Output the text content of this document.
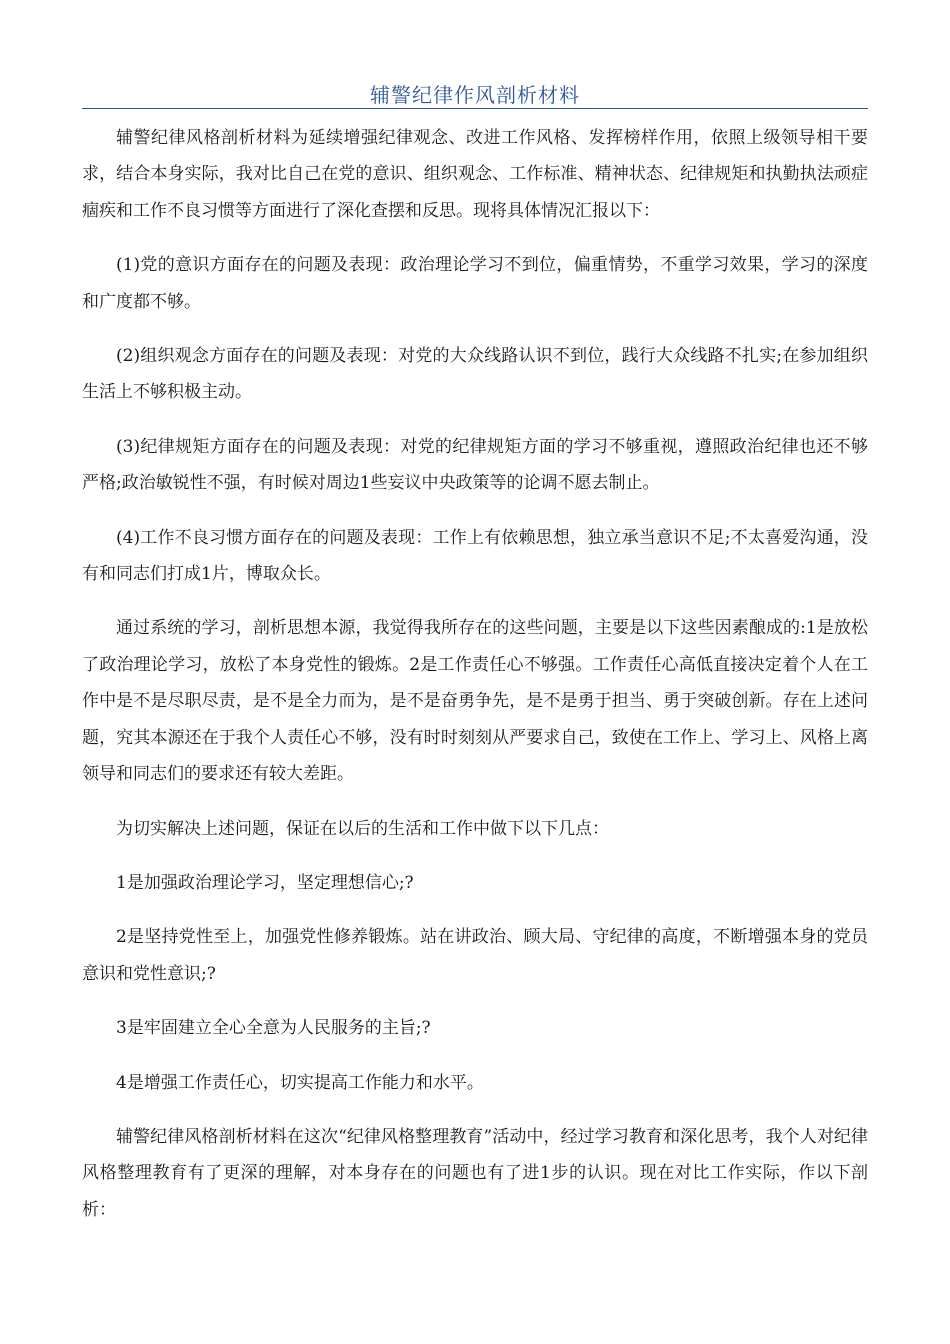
辅警纪律作风剖析材料

辅警纪律风格剖析材料为延续增强纪律观念、改进工作风格、发挥榜样作用，依照上级领导相干要求，结合本身实际，我对比自己在党的意识、组织观念、工作标准、精神状态、纪律规矩和执勤执法顽症痼疾和工作不良习惯等方面进行了深化查摆和反思。现将具体情况汇报以下：

(1)党的意识方面存在的问题及表现：政治理论学习不到位，偏重情势，不重学习效果，学习的深度和广度都不够。

(2)组织观念方面存在的问题及表现：对党的大众线路认识不到位，践行大众线路不扎实;在参加组织生活上不够积极主动。

(3)纪律规矩方面存在的问题及表现：对党的纪律规矩方面的学习不够重视，遵照政治纪律也还不够严格;政治敏锐性不强，有时候对周边1些妄议中央政策等的论调不愿去制止。

(4)工作不良习惯方面存在的问题及表现：工作上有依赖思想，独立承当意识不足;不太喜爱沟通，没有和同志们打成1片，博取众长。

通过系统的学习，剖析思想本源，我觉得我所存在的这些问题，主要是以下这些因素酿成的:1是放松了政治理论学习，放松了本身党性的锻炼。2是工作责任心不够强。工作责任心高低直接决定着个人在工作中是不是尽职尽责，是不是全力而为，是不是奋勇争先，是不是勇于担当、勇于突破创新。存在上述问题，究其本源还在于我个人责任心不够，没有时时刻刻从严要求自己，致使在工作上、学习上、风格上离领导和同志们的要求还有较大差距。

为切实解决上述问题，保证在以后的生活和工作中做下以下几点：

1是加强政治理论学习，坚定理想信心;?

2是坚持党性至上，加强党性修养锻炼。站在讲政治、顾大局、守纪律的高度，不断增强本身的党员意识和党性意识;?

3是牢固建立全心全意为人民服务的主旨;?

4是增强工作责任心，切实提高工作能力和水平。

辅警纪律风格剖析材料在这次“纪律风格整理教育”活动中，经过学习教育和深化思考，我个人对纪律风格整理教育有了更深的理解，对本身存在的问题也有了进1步的认识。现在对比工作实际，作以下剖析：
